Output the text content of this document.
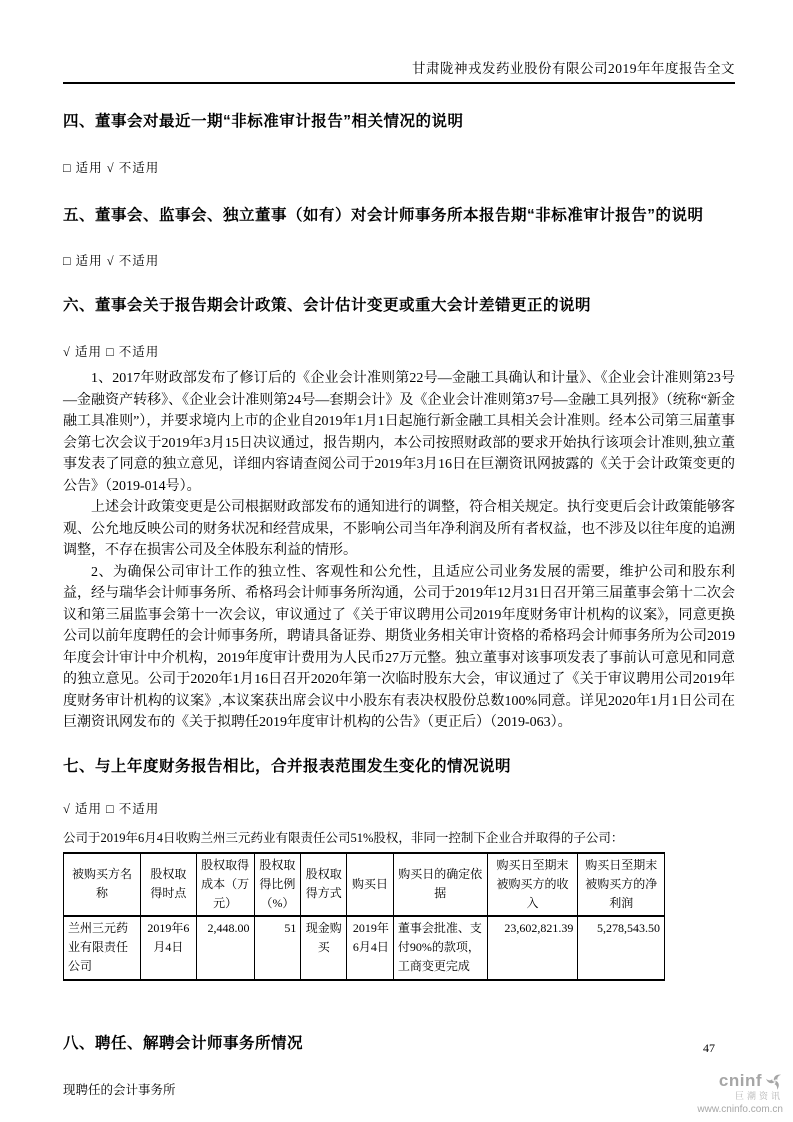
甘肃陇神戎发药业股份有限公司2019年年度报告全文
四、董事会对最近一期“非标准审计报告”相关情况的说明
□ 适用 √ 不适用
五、董事会、监事会、独立董事（如有）对会计师事务所本报告期“非标准审计报告”的说明
□ 适用 √ 不适用
六、董事会关于报告期会计政策、会计估计变更或重大会计差错更正的说明
√ 适用 □ 不适用

1、2017年财政部发布了修订后的《企业会计准则第22号—金融工具确认和计量》、《企业会计准则第23号—金融资产转移》、《企业会计准则第24号—套期会计》及《企业会计准则第37号—金融工具列报》（统称“新金融工具准则”），并要求境内上市的企业自2019年1月1日起施行新金融工具相关会计准则。经本公司第三届董事会第七次会议于2019年3月15日决议通过，报告期内，本公司按照财政部的要求开始执行该项会计准则,独立董事发表了同意的独立意见，详细内容请查阅公司于2019年3月16日在巨潮资讯网披露的《关于会计政策变更的公告》（2019-014号）。

上述会计政策变更是公司根据财政部发布的通知进行的调整，符合相关规定。执行变更后会计政策能够客观、公允地反映公司的财务状况和经营成果，不影响公司当年净利润及所有者权益，也不涉及以往年度的追溯调整，不存在损害公司及全体股东利益的情形。

2、为确保公司审计工作的独立性、客观性和公允性，且适应公司业务发展的需要，维护公司和股东利益，经与瑞华会计师事务所、希格玛会计师事务所沟通，公司于2019年12月31日召开第三届董事会第十二次会议和第三届监事会第十一次会议，审议通过了《关于审议聘用公司2019年度财务审计机构的议案》，同意更换公司以前年度聘任的会计师事务所，聘请具备证券、期货业务相关审计资格的希格玛会计师事务所为公司2019年度会计审计中介机构，2019年度审计费用为人民币27万元整。独立董事对该事项发表了事前认可意见和同意的独立意见。公司于2020年1月16日召开2020年第一次临时股东大会，审议通过了《关于审议聘用公司2019年度财务审计机构的议案》,本议案获出席会议中小股东有表决权股份总数100%同意。详见2020年1月1日公司在巨潮资讯网发布的《关于拟聘任2019年度审计机构的公告》（更正后）（2019-063）。

七、与上年度财务报告相比，合并报表范围发生变化的情况说明
√ 适用 □ 不适用
公司于2019年6月4日收购兰州三元药业有限责任公司51%股权，非同一控制下企业合并取得的子公司：
被购买方名称	股权取得时点	股权取得成本（万元）	股权取得比例（%）	股权取得方式	购买日	购买日的确定依据	购买日至期末被购买方的收入	购买日至期末被购买方的净利润
兰州三元药业有限责任公司	2019年6月4日	2,448.00	51	现金购买	2019年6月4日	董事会批准、支付90%的款项，工商变更完成	23,602,821.39	5,278,543.50
八、聘任、解聘会计师事务所情况
现聘任的会计事务所
47
cninf
巨潮资讯
www.cninfo.com.cn
